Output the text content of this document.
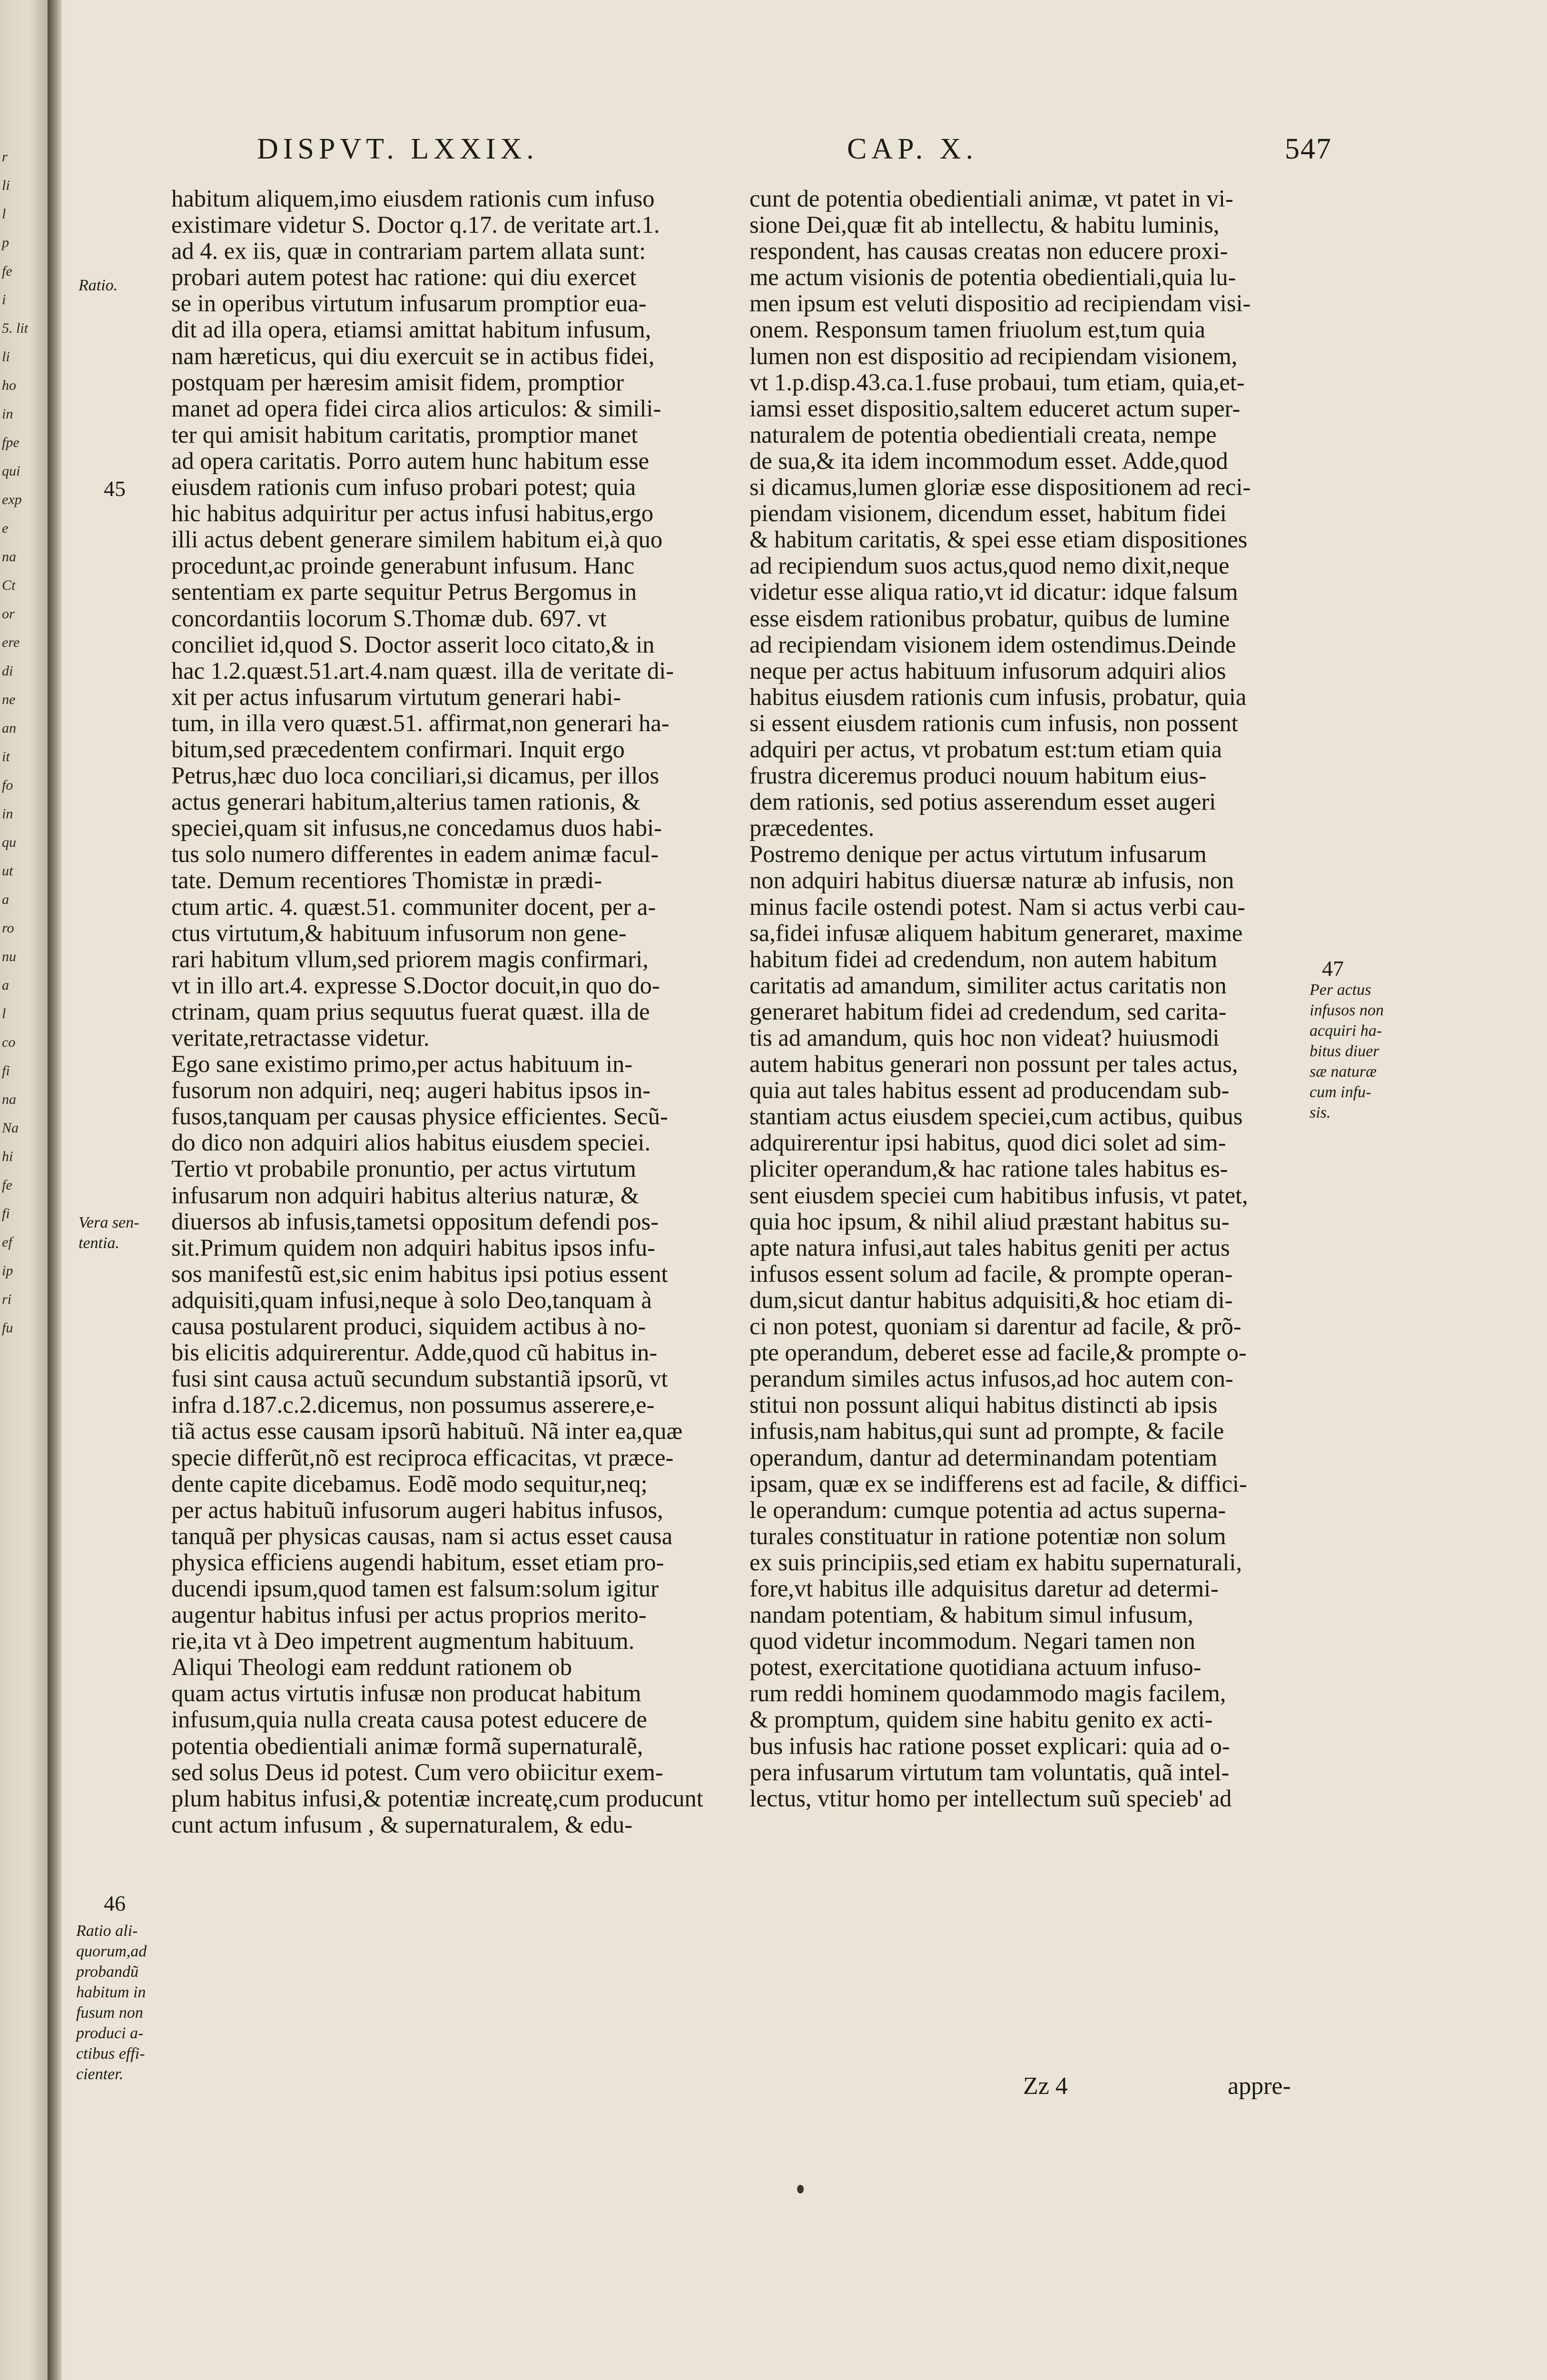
r
li
l
p
fe
i
5. lit
li
ho
in
fpe
qui
exp
e
na
Ct
or
ere
di
ne
an
it
fo
in
qu
ut
a
ro
nu
a
l
co
fi
na
Na
hi
fe
fi
ef
ip
ri
fu
DISPVT. LXXIX.	CAP. X.	547
habitum aliquem,imo eiusdem rationis cum infuso
existimare videtur S. Doctor q.17. de veritate art.1.
ad 4. ex iis, quæ in contrariam partem allata sunt:
probari autem potest hac ratione: qui diu exercet
se in operibus virtutum infusarum promptior eua-
dit ad illa opera, etiamsi amittat habitum infusum,
nam hæreticus, qui diu exercuit se in actibus fidei,
postquam per hæresim amisit fidem, promptior
manet ad opera fidei circa alios articulos: & simili-
ter qui amisit habitum caritatis, promptior manet
ad opera caritatis. Porro autem hunc habitum esse
eiusdem rationis cum infuso probari potest; quia
hic habitus adquiritur per actus infusi habitus,ergo
illi actus debent generare similem habitum ei,à quo
procedunt,ac proinde generabunt infusum. Hanc
sententiam ex parte sequitur Petrus Bergomus in
concordantiis locorum S.Thomæ dub. 697. vt
conciliet id,quod S. Doctor asserit loco citato,& in
hac 1.2.quæst.51.art.4.nam quæst. illa de veritate di-
xit per actus infusarum virtutum generari habi-
tum, in illa vero quæst.51. affirmat,non generari ha-
bitum,sed præcedentem confirmari. Inquit ergo
Petrus,hæc duo loca conciliari,si dicamus, per illos
actus generari habitum,alterius tamen rationis, &
speciei,quam sit infusus,ne concedamus duos habi-
tus solo numero differentes in eadem animæ facul-
tate. Demum recentiores Thomistæ in prædi-
ctum artic. 4. quæst.51. communiter docent, per a-
ctus virtutum,& habituum infusorum non gene-
rari habitum vllum,sed priorem magis confirmari,
vt in illo art.4. expresse S.Doctor docuit,in quo do-
ctrinam, quam prius sequutus fuerat quæst. illa de
veritate,retractasse videtur.
Ego sane existimo primo,per actus habituum in-
fusorum non adquiri, neq; augeri habitus ipsos in-
fusos,tanquam per causas physice efficientes. Secũ-
do dico non adquiri alios habitus eiusdem speciei.
Tertio vt probabile pronuntio, per actus virtutum
infusarum non adquiri habitus alterius naturæ, &
diuersos ab infusis,tametsi oppositum defendi pos-
sit.Primum quidem non adquiri habitus ipsos infu-
sos manifestũ est,sic enim habitus ipsi potius essent
adquisiti,quam infusi,neque à solo Deo,tanquam à
causa postularent produci, siquidem actibus à no-
bis elicitis adquirerentur. Adde,quod cũ habitus in-
fusi sint causa actuũ secundum substantiã ipsorũ, vt
infra d.187.c.2.dicemus, non possumus asserere,e-
tiã actus esse causam ipsorũ habituũ. Nã inter ea,quæ
specie differũt,nõ est reciproca efficacitas, vt præce-
dente capite dicebamus. Eodẽ modo sequitur,neq;
per actus habituũ infusorum augeri habitus infusos,
tanquã per physicas causas, nam si actus esset causa
physica efficiens augendi habitum, esset etiam pro-
ducendi ipsum,quod tamen est falsum:solum igitur
augentur habitus infusi per actus proprios merito-
rie,ita vt à Deo impetrent augmentum habituum.
Aliqui Theologi eam reddunt rationem ob
quam actus virtutis infusæ non producat habitum
infusum,quia nulla creata causa potest educere de
potentia obedientiali animæ formã supernaturalẽ,
sed solus Deus id potest. Cum vero obiicitur exem-
plum habitus infusi,& potentiæ increatę,cum producunt
cunt actum infusum , & supernaturalem, & edu-
cunt de potentia obedientiali animæ, vt patet in vi-
sione Dei,quæ fit ab intellectu, & habitu luminis,
respondent, has causas creatas non educere proxi-
me actum visionis de potentia obedientiali,quia lu-
men ipsum est veluti dispositio ad recipiendam visi-
onem. Responsum tamen friuolum est,tum quia
lumen non est dispositio ad recipiendam visionem,
vt 1.p.disp.43.ca.1.fuse probaui, tum etiam, quia,et-
iamsi esset dispositio,saltem educeret actum super-
naturalem de potentia obedientiali creata, nempe
de sua,& ita idem incommodum esset. Adde,quod
si dicamus,lumen gloriæ esse dispositionem ad reci-
piendam visionem, dicendum esset, habitum fidei
& habitum caritatis, & spei esse etiam dispositiones
ad recipiendum suos actus,quod nemo dixit,neque
videtur esse aliqua ratio,vt id dicatur: idque falsum
esse eisdem rationibus probatur, quibus de lumine
ad recipiendam visionem idem ostendimus.Deinde
neque per actus habituum infusorum adquiri alios
habitus eiusdem rationis cum infusis, probatur, quia
si essent eiusdem rationis cum infusis, non possent
adquiri per actus, vt probatum est:tum etiam quia
frustra diceremus produci nouum habitum eius-
dem rationis, sed potius asserendum esset augeri
præcedentes.
Postremo denique per actus virtutum infusarum
non adquiri habitus diuersæ naturæ ab infusis, non
minus facile ostendi potest. Nam si actus verbi cau-
sa,fidei infusæ aliquem habitum generaret, maxime
habitum fidei ad credendum, non autem habitum
caritatis ad amandum, similiter actus caritatis non
generaret habitum fidei ad credendum, sed carita-
tis ad amandum, quis hoc non videat? huiusmodi
autem habitus generari non possunt per tales actus,
quia aut tales habitus essent ad producendam sub-
stantiam actus eiusdem speciei,cum actibus, quibus
adquirerentur ipsi habitus, quod dici solet ad sim-
pliciter operandum,& hac ratione tales habitus es-
sent eiusdem speciei cum habitibus infusis, vt patet,
quia hoc ipsum, & nihil aliud præstant habitus su-
apte natura infusi,aut tales habitus geniti per actus
infusos essent solum ad facile, & prompte operan-
dum,sicut dantur habitus adquisiti,& hoc etiam di-
ci non potest, quoniam si darentur ad facile, & prõ-
pte operandum, deberet esse ad facile,& prompte o-
perandum similes actus infusos,ad hoc autem con-
stitui non possunt aliqui habitus distincti ab ipsis
infusis,nam habitus,qui sunt ad prompte, & facile
operandum, dantur ad determinandam potentiam
ipsam, quæ ex se indifferens est ad facile, & diffici-
le operandum: cumque potentia ad actus superna-
turales constituatur in ratione potentiæ non solum
ex suis principiis,sed etiam ex habitu supernaturali,
fore,vt habitus ille adquisitus daretur ad determi-
nandam potentiam, & habitum simul infusum,
quod videtur incommodum. Negari tamen non
potest, exercitatione quotidiana actuum infuso-
rum reddi hominem quodammodo magis facilem,
& promptum, quidem sine habitu genito ex acti-
bus infusis hac ratione posset explicari: quia ad o-
pera infusarum virtutum tam voluntatis, quã intel-
lectus, vtitur homo per intellectum suũ specieb' ad
Ratio.
45
Vera sen-
tentia.
46
Ratio ali-
quorum,ad
probandũ
habitum in
fusum non
produci a-
ctibus effi-
cienter.
47
Per actus
infusos non
acquiri ha-
bitus diuer
sæ naturæ
cum infu-
sis.
Zz 4	appre-
